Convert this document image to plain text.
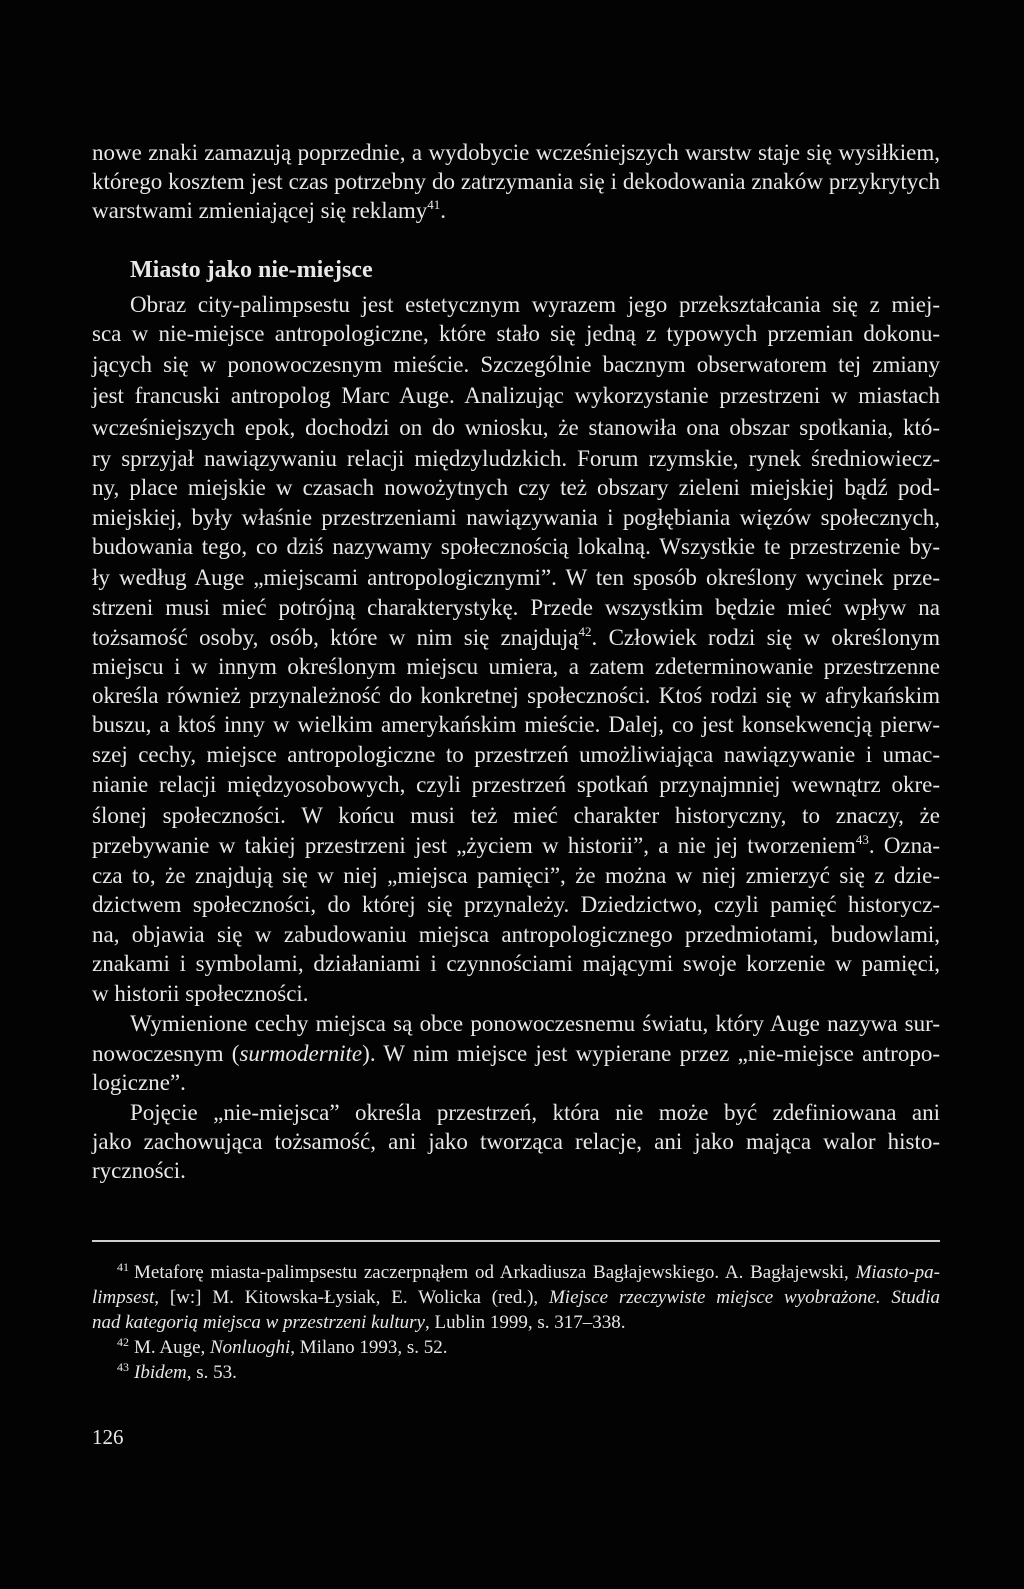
nowe znaki zamazują poprzednie, a wydobycie wcześniejszych warstw staje się wysiłkiem,
którego kosztem jest czas potrzebny do zatrzymania się i dekodowania znaków przykrytych
warstwami zmieniającej się reklamy$^{41}$.
Miasto jako nie-miejsce
Obraz city-palimpsestu jest estetycznym wyrazem jego przekształcania się z miej-
sca w nie-miejsce antropologiczne, które stało się jedną z typowych przemian dokonu-
jących się w ponowoczesnym mieście. Szczególnie bacznym obserwatorem tej zmiany
jest francuski antropolog Marc Auge. Analizując wykorzystanie przestrzeni w miastach
wcześniejszych epok, dochodzi on do wniosku, że stanowiła ona obszar spotkania, któ-
ry sprzyjał nawiązywaniu relacji międzyludzkich. Forum rzymskie, rynek średniowiecz-
ny, place miejskie w czasach nowożytnych czy też obszary zieleni miejskiej bądź pod-
miejskiej, były właśnie przestrzeniami nawiązywania i pogłębiania więzów społecznych,
budowania tego, co dziś nazywamy społecznością lokalną. Wszystkie te przestrzenie by-
ły według Auge „miejscami antropologicznymi”. W ten sposób określony wycinek prze-
strzeni musi mieć potrójną charakterystykę. Przede wszystkim będzie mieć wpływ na
tożsamość osoby, osób, które w nim się znajdują$^{42}$. Człowiek rodzi się w określonym
miejscu i w innym określonym miejscu umiera, a zatem zdeterminowanie przestrzenne
określa również przynależność do konkretnej społeczności. Ktoś rodzi się w afrykańskim
buszu, a ktoś inny w wielkim amerykańskim mieście. Dalej, co jest konsekwencją pierw-
szej cechy, miejsce antropologiczne to przestrzeń umożliwiająca nawiązywanie i umac-
nianie relacji międzyosobowych, czyli przestrzeń spotkań przynajmniej wewnątrz okre-
ślonej społeczności. W końcu musi też mieć charakter historyczny, to znaczy, że
przebywanie w takiej przestrzeni jest „życiem w historii”, a nie jej tworzeniem$^{43}$. Ozna-
cza to, że znajdują się w niej „miejsca pamięci”, że można w niej zmierzyć się z dzie-
dzictwem społeczności, do której się przynależy. Dziedzictwo, czyli pamięć historycz-
na, objawia się w zabudowaniu miejsca antropologicznego przedmiotami, budowlami,
znakami i symbolami, działaniami i czynnościami mającymi swoje korzenie w pamięci,
w historii społeczności.
Wymienione cechy miejsca są obce ponowoczesnemu światu, który Auge nazywa sur-
nowoczesnym (surmodernite). W nim miejsce jest wypierane przez „nie-miejsce antropo-
logiczne”.
Pojęcie „nie-miejsca” określa przestrzeń, która nie może być zdefiniowana ani
jako zachowująca tożsamość, ani jako tworząca relacje, ani jako mająca walor histo-
ryczności.
$^{41}$ Metaforę miasta-palimpsestu zaczerpnąłem od Arkadiusza Bagłajewskiego. A. Bagłajewski, Miasto-pa-
limpsest, [w:] M. Kitowska-Łysiak, E. Wolicka (red.), Miejsce rzeczywiste miejsce wyobrażone. Studia
nad kategorią miejsca w przestrzeni kultury, Lublin 1999, s. 317–338.
$^{42}$ M. Auge, Nonluoghi, Milano 1993, s. 52.
$^{43}$ Ibidem, s. 53.
126
